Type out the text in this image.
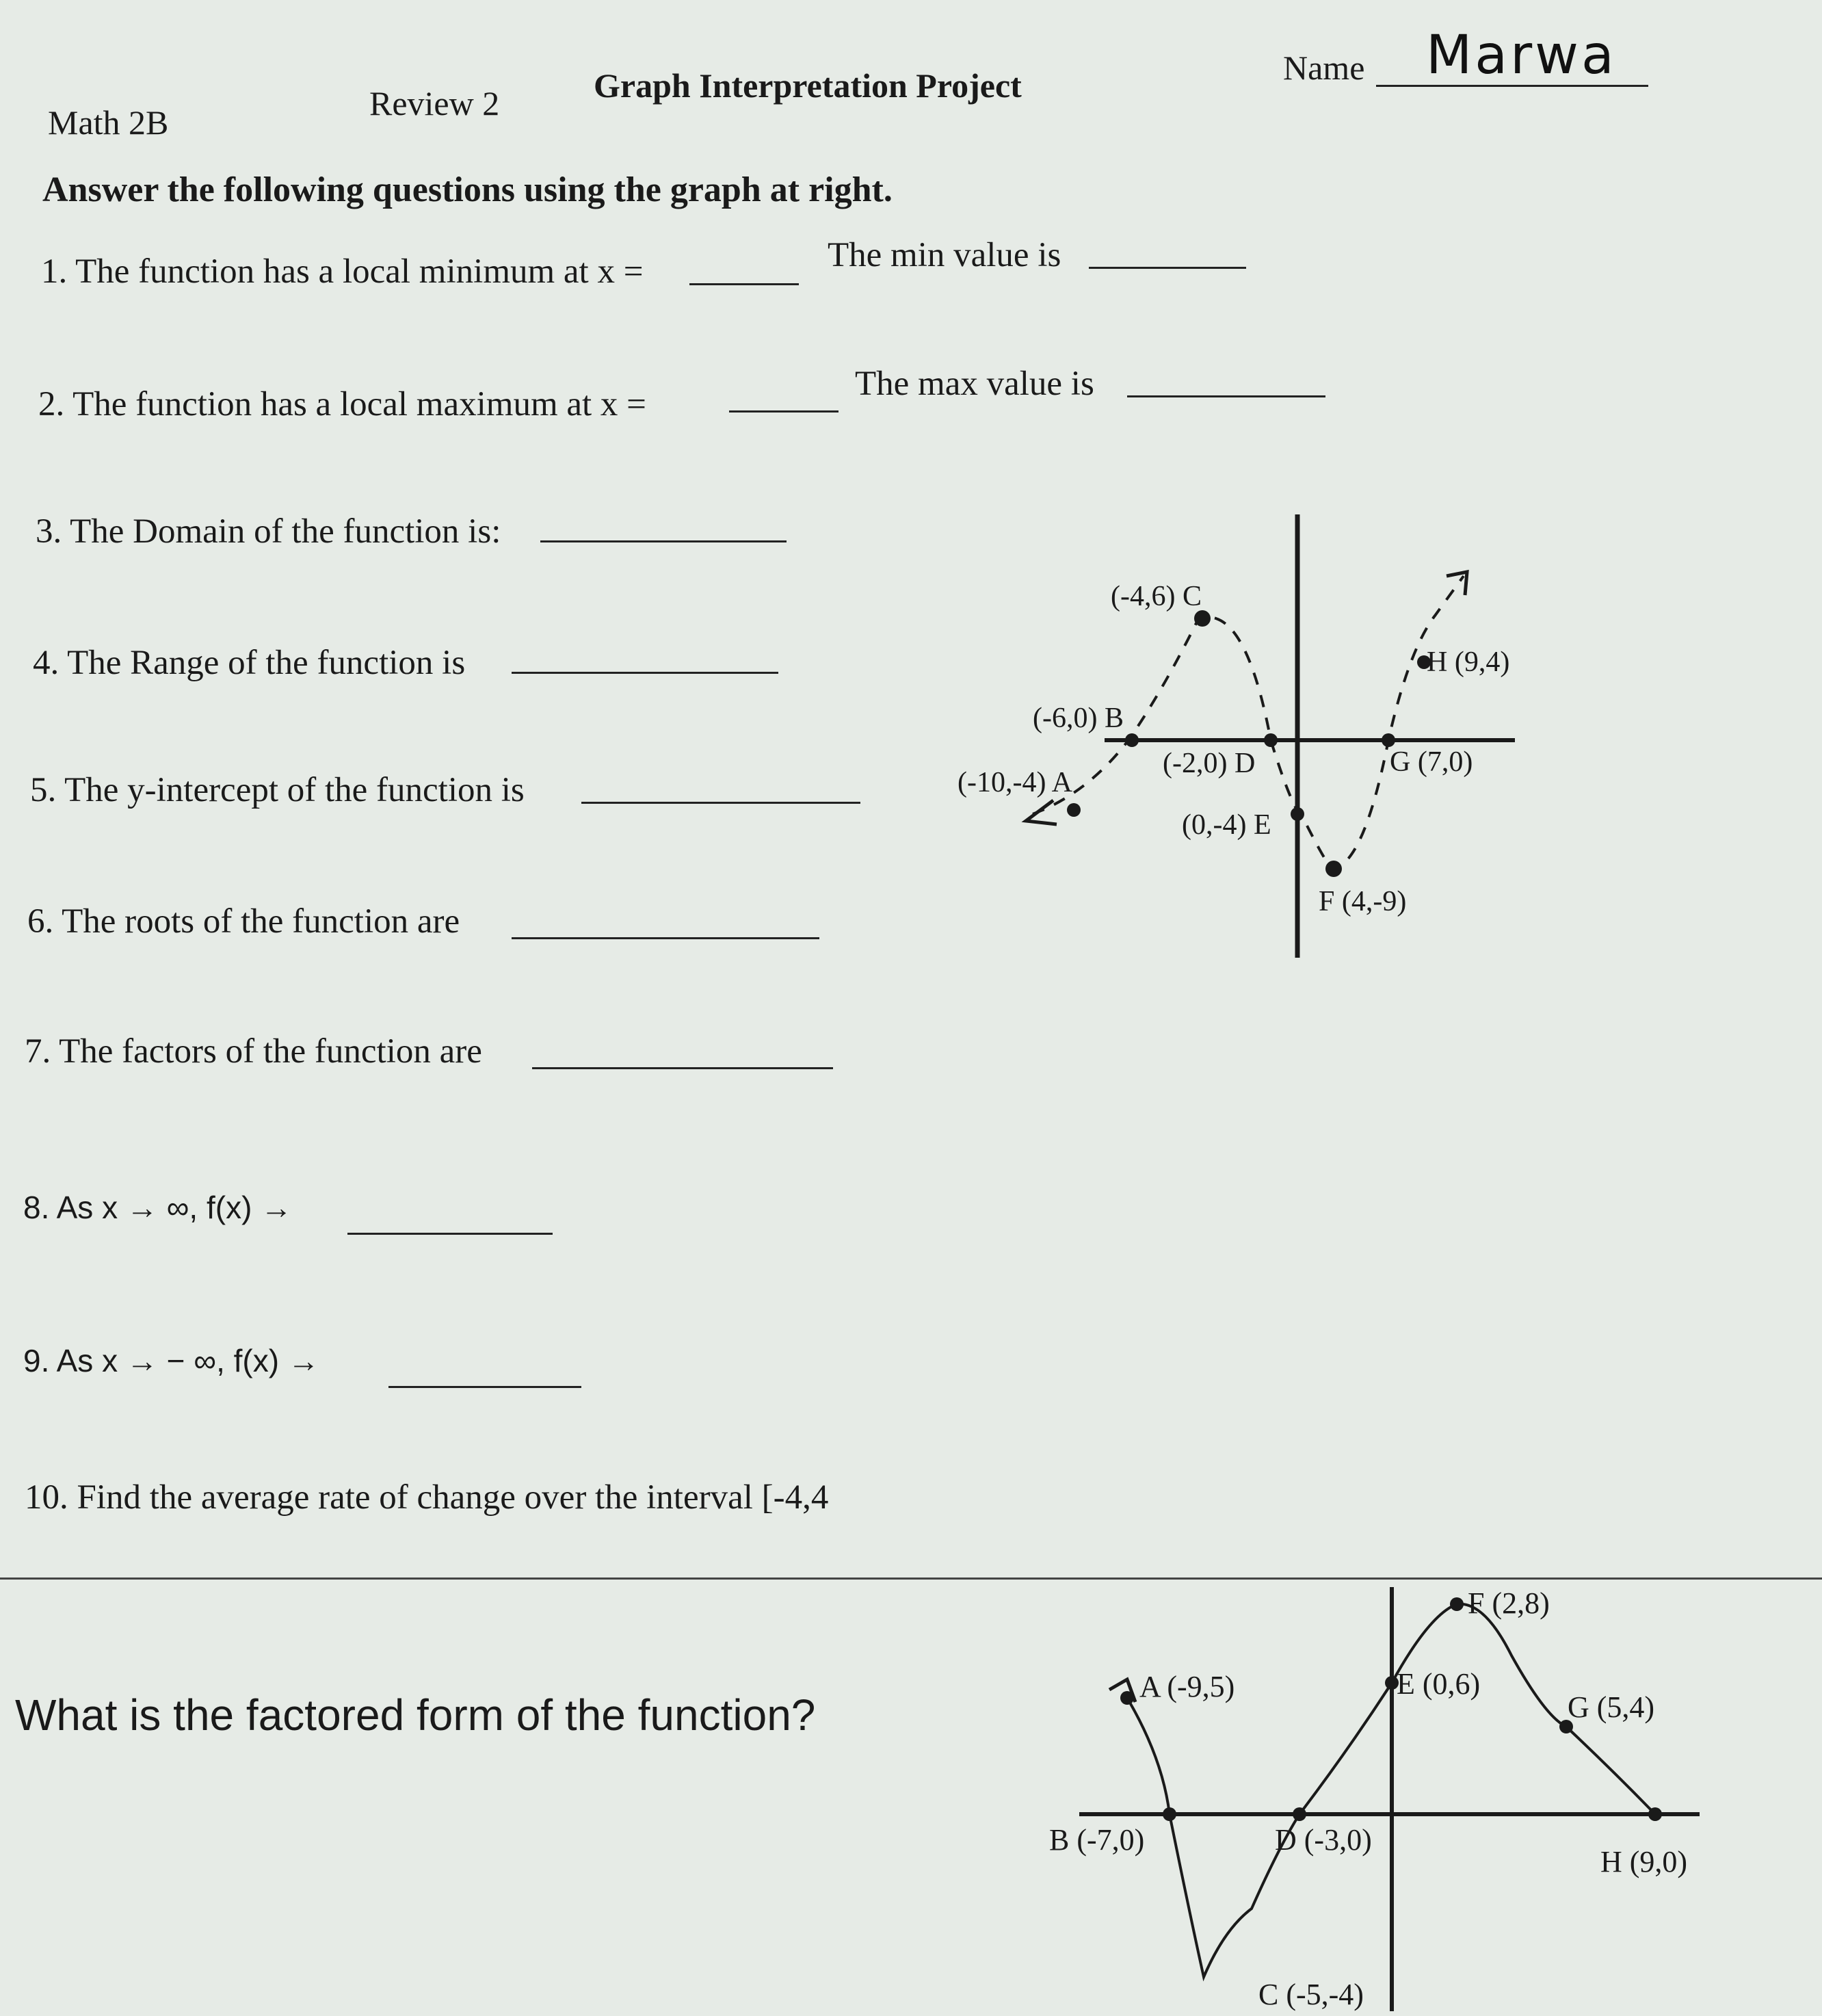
Math 2B	Review 2	Graph Interpretation Project	Name Marwa
Answer the following questions using the graph at right.
1. The function has a local minimum at x =	The min value is
2. The function has a local maximum at x =
The max value is
3. The Domain of the function is:
4. The Range of the function is
5. The y-intercept of the function is
6. The roots of the function are
7. The factors of the function are
8. As x → ∞, f(x) →
9. As x → − ∞, f(x) →
10. Find the average rate of change over the interval [-4,4
What is the factored form of the function?
(-10,-4) A
(-6,0) B
(-4,6) C
(-2,0) D
(0,-4) E
F (4,-9)
G (7,0)
H (9,4)
A (-9,5)
B (-7,0)
C (-5,-4)
D (-3,0)
E (0,6)
F (2,8)
G (5,4)
H (9,0)
